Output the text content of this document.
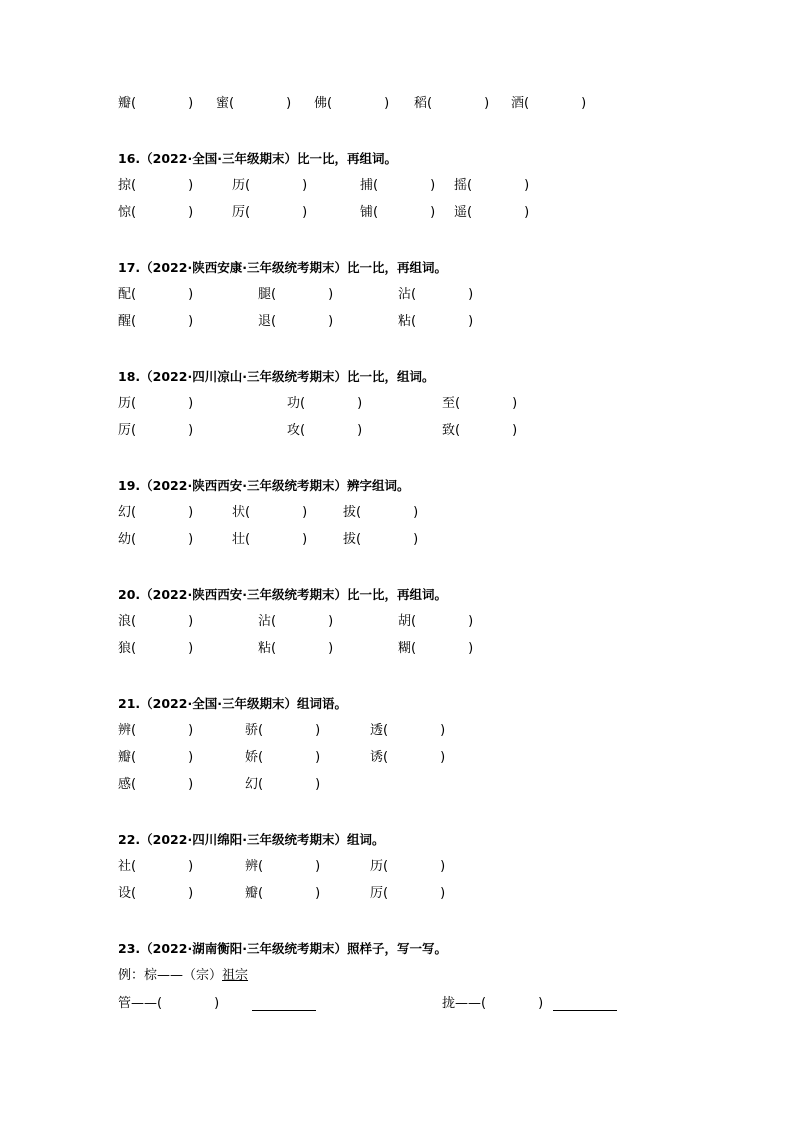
瓣(　　　　) 蜜(　　　　) 佛(　　　　) 稻(　　　　) 酒(　　　　)
16.（2022·全国·三年级期末）比一比，再组词。
掠(　　　　)	历(　　　　)	捕(　　　　) 摇(　　　　)
惊(　　　　)	厉(　　　　)	铺(　　　　) 遥(　　　　)
17.（2022·陕西安康·三年级统考期末）比一比，再组词。
配(　　　　)	腿(　　　　)	沾(　　　　)
醒(　　　　)	退(　　　　)	粘(　　　　)
18.（2022·四川凉山·三年级统考期末）比一比，组词。
历(　　　　)	功(　　　　)	至(　　　　)
厉(　　　　)	攻(　　　　)	致(　　　　)
19.（2022·陕西西安·三年级统考期末）辨字组词。
幻(　　　　)	状(　　　　)	拔(　　　　)
幼(　　　　)	壮(　　　　)	拔(　　　　)
20.（2022·陕西西安·三年级统考期末）比一比，再组词。
浪(　　　　)	沾(　　　　)	胡(　　　　)
狼(　　　　)	粘(　　　　)	糊(　　　　)
21.（2022·全国·三年级期末）组词语。
辨(　　　　)	骄(　　　　)	透(　　　　)
瓣(　　　　)	娇(　　　　)	诱(　　　　)
感(　　　　)	幻(　　　　)
22.（2022·四川绵阳·三年级统考期末）组词。
社(　　　　)	辨(　　　　)	历(　　　　)
设(　　　　)	瓣(　　　　)	厉(　　　　)
23.（2022·湖南衡阳·三年级统考期末）照样子，写一写。
例：棕——（宗）祖宗
管——(　　　　)	拢——(　　　　)
